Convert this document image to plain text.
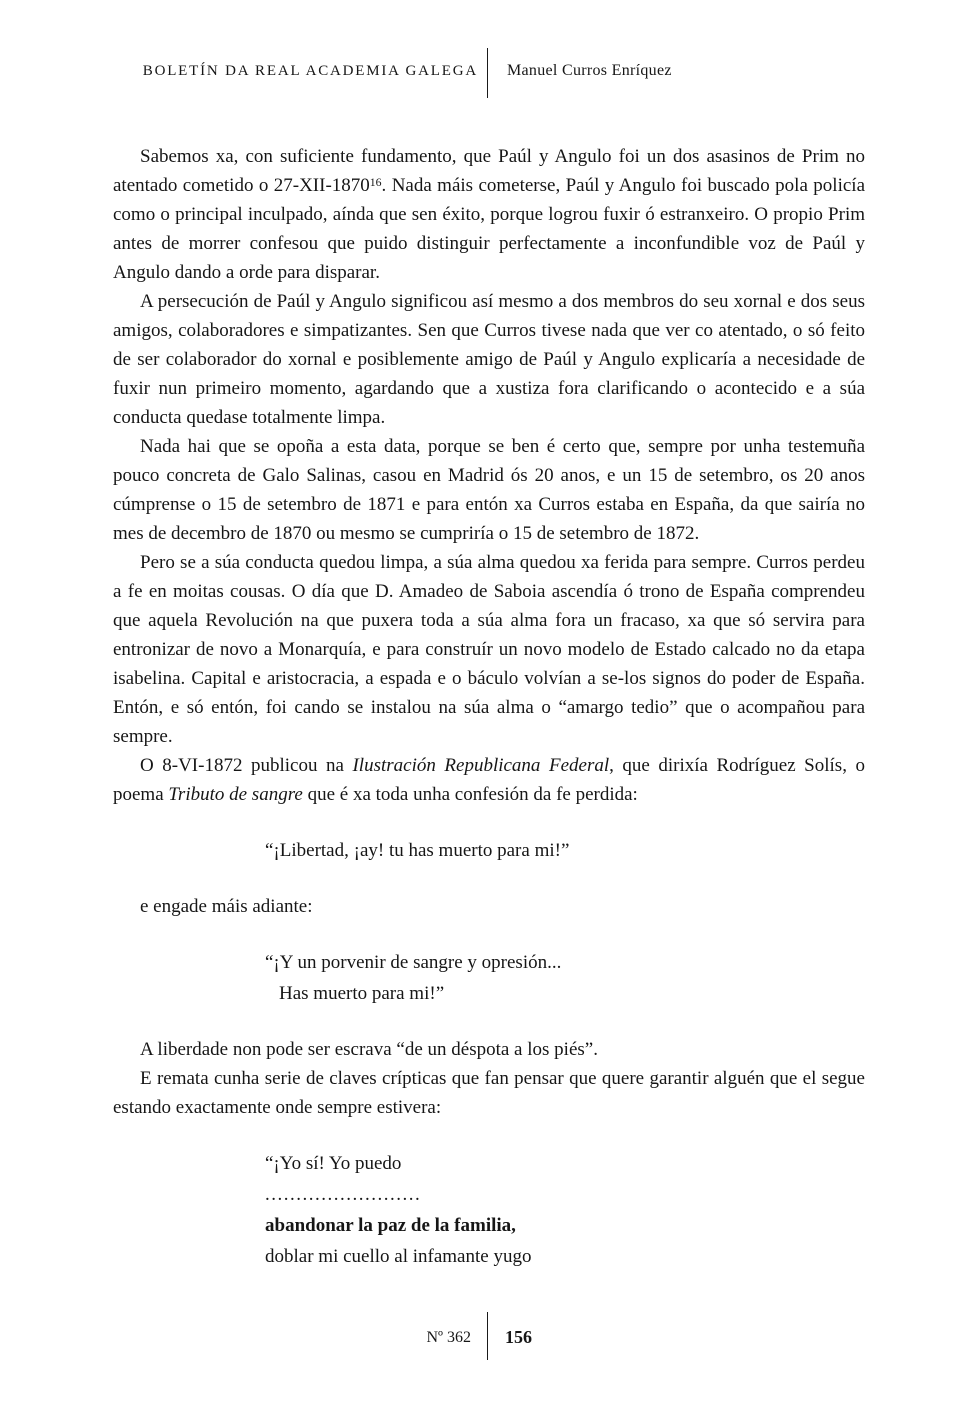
BOLETÍN DA REAL ACADEMIA GALEGA Manuel Curros Enríquez

Sabemos xa, con suficiente fundamento, que Paúl y Angulo foi un dos asasinos de Prim no atentado cometido o 27-XII-1870$^{16}$. Nada máis cometerse, Paúl y Angulo foi buscado pola policía como o principal inculpado, aínda que sen éxito, porque logrou fuxir ó estranxeiro. O propio Prim antes de morrer confesou que puido distinguir perfectamente a inconfundible voz de Paúl y Angulo dando a orde para disparar.

A persecución de Paúl y Angulo significou así mesmo a dos membros do seu xornal e dos seus amigos, colaboradores e simpatizantes. Sen que Curros tivese nada que ver co atentado, o só feito de ser colaborador do xornal e posiblemente amigo de Paúl y Angulo explicaría a necesidade de fuxir nun primeiro momento, agardando que a xustiza fora clarificando o acontecido e a súa conducta quedase totalmente limpa.

Nada hai que se opoña a esta data, porque se ben é certo que, sempre por unha testemuña pouco concreta de Galo Salinas, casou en Madrid ós 20 anos, e un 15 de setembro, os 20 anos cúmprense o 15 de setembro de 1871 e para entón xa Curros estaba en España, da que sairía no mes de decembro de 1870 ou mesmo se cumpriría o 15 de setembro de 1872.

Pero se a súa conducta quedou limpa, a súa alma quedou xa ferida para sempre. Curros perdeu a fe en moitas cousas. O día que D. Amadeo de Saboia ascendía ó trono de España comprendeu que aquela Revolución na que puxera toda a súa alma fora un fracaso, xa que só servira para entronizar de novo a Monarquía, e para construír un novo modelo de Estado calcado no da etapa isabelina. Capital e aristocracia, a espada e o báculo volvían a se-los signos do poder de España. Entón, e só entón, foi cando se instalou na súa alma o “amargo tedio” que o acompañou para sempre.

O 8-VI-1872 publicou na Ilustración Republicana Federal, que dirixía Rodríguez Solís, o poema Tributo de sangre que é xa toda unha confesión da fe perdida:

“¡Libertad, ¡ay! tu has muerto para mi!”

e engade máis adiante:

“¡Y un porvenir de sangre y opresión...
Has muerto para mi!”

A liberdade non pode ser escrava “de un déspota a los piés”.

E remata cunha serie de claves crípticas que fan pensar que quere garantir alguén que el segue estando exactamente onde sempre estivera:

“¡Yo sí! Yo puedo
.........................
abandonar la paz de la familia,
doblar mi cuello al infamante yugo
Nº 362 156
